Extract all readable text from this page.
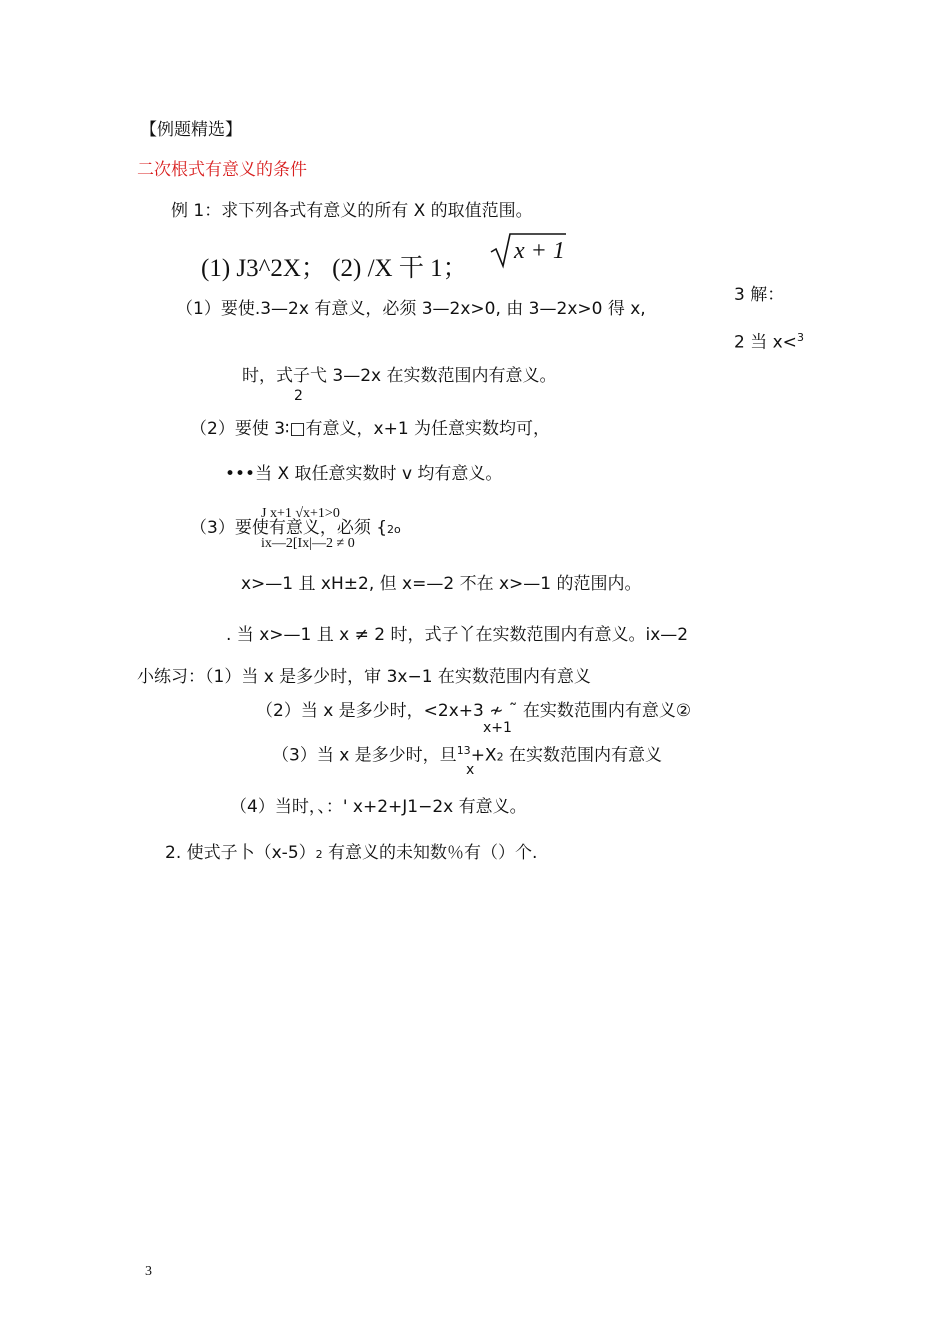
【例题精选】
二次根式有意义的条件
例 1：求下列各式有意义的所有 X 的取值范围。
(1) J3^2X； (2) /X 干 1；
x + 1
3 解：
2 当 x<$^3$
（1）要使.3—2x 有意义，必须 3—2x>0, 由 3—2x>0 得 x,
时，式子弋 3—2x 在实数范围内有意义。
2
（2）要使 3∶□有意义，x+1 为任意实数均可，
•••当 X 取任意实数时 v 均有意义。
J x+1 √x+1>0
（3）要使有意义，必须 {2o
ix—2[Ix|—2 ≠ 0
x>—1 且 xH±2, 但 x=—2 不在 x>—1 的范围内。
. 当 x>—1 且 x ≠ 2 时，式子丫在实数范围内有意义。ix—2
小练习：（1）当 x 是多少时，审 3x−1 在实数范围内有意义
（2）当 x 是多少时，<2x+3 ≁ ˜ 在实数范围内有意义②
x+1
（3）当 x 是多少时，旦$^{13}$+X2 在实数范围内有意义
x
（4）当时，、：' x+2+J1−2x 有意义。
2. 使式子卜（x-5）2 有意义的未知数％有（）个.
3
